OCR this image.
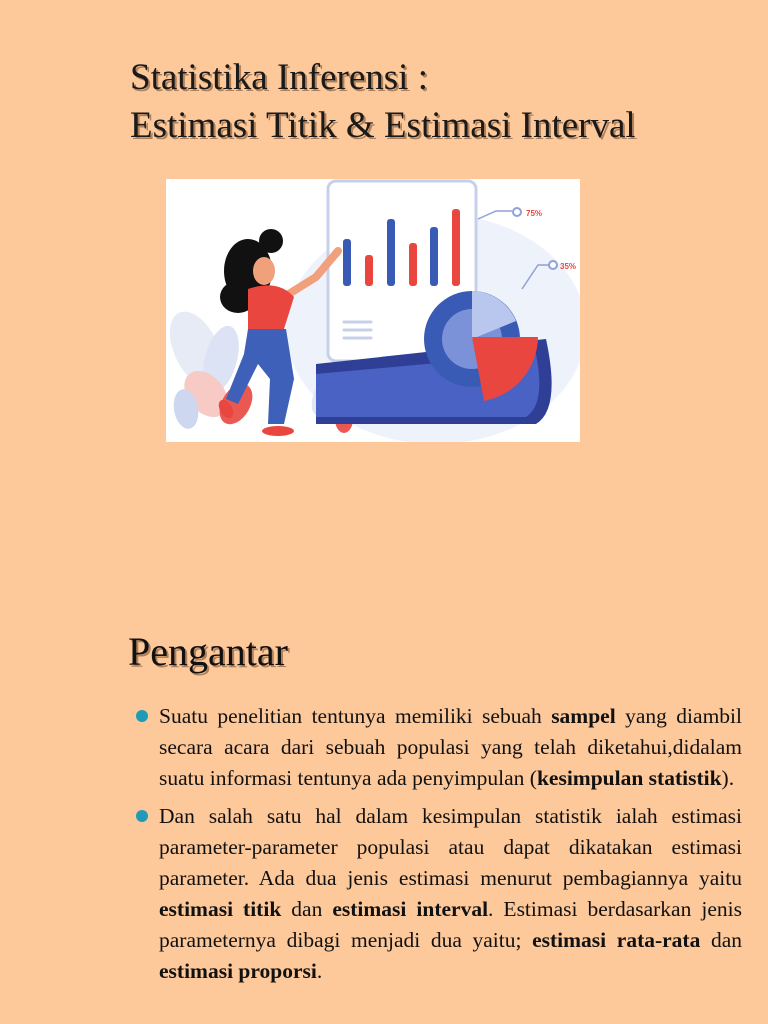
Statistika Inferensi :
Estimasi Titik & Estimasi Interval
75%
35%
Pengantar

Suatu penelitian tentunya memiliki sebuah sampel yang diambil secara acara dari sebuah populasi yang telah diketahui,didalam suatu informasi tentunya ada penyimpulan (kesimpulan statistik).

Dan salah satu hal dalam kesimpulan statistik ialah estimasi parameter-parameter populasi atau dapat dikatakan estimasi parameter. Ada dua jenis estimasi menurut pembagiannya yaitu estimasi titik dan estimasi interval. Estimasi berdasarkan jenis parameternya dibagi menjadi dua yaitu; estimasi rata-rata dan estimasi proporsi.
